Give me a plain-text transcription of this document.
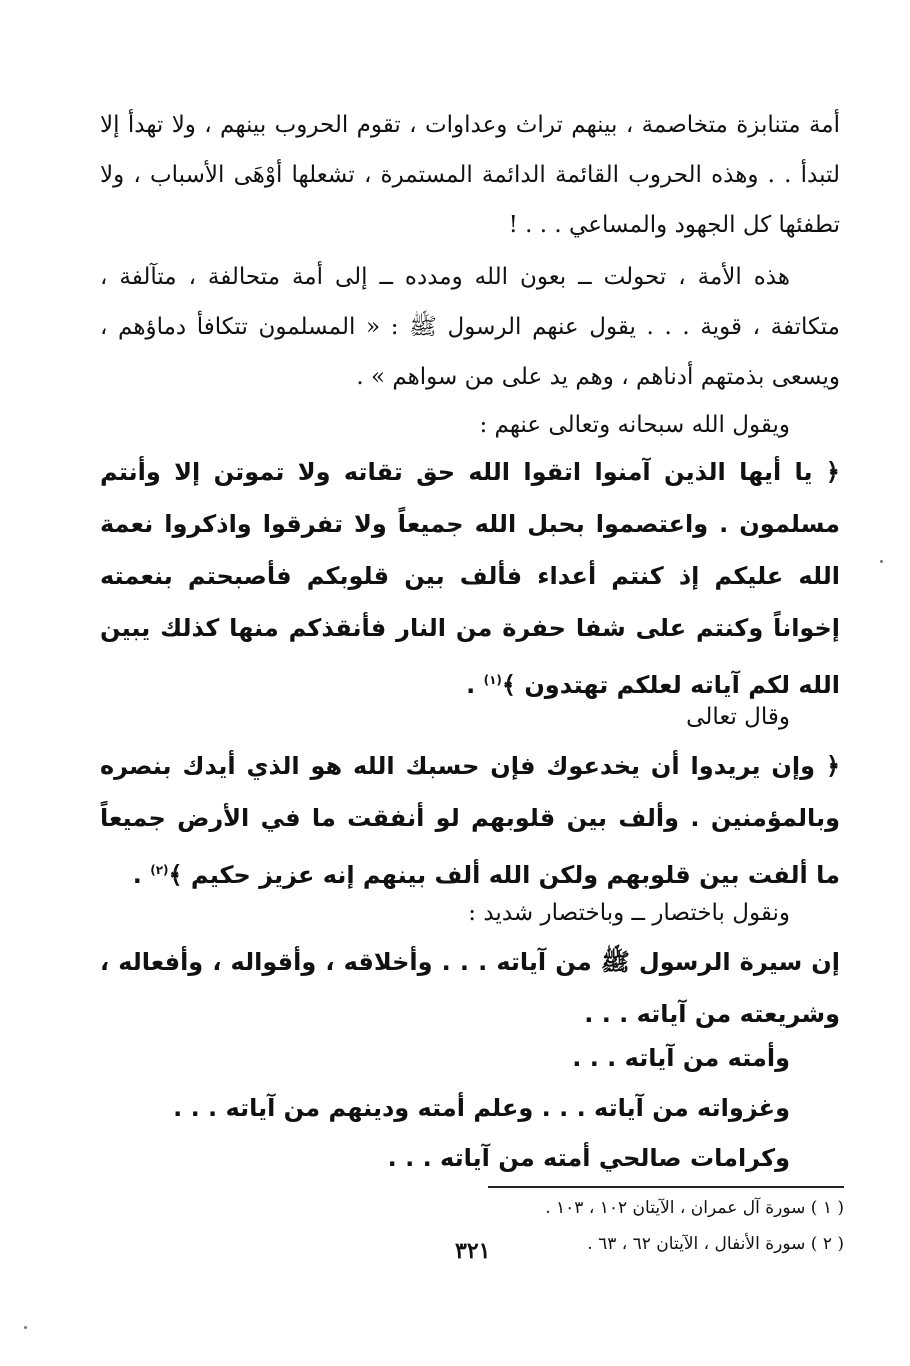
أمة متنابزة متخاصمة ، بينهم تراث وعداوات ، تقوم الحروب بينهم ، ولا تهدأ إلا لتبدأ . . وهذه الحروب القائمة الدائمة المستمرة ، تشعلها أوْهَى الأسباب ، ولا تطفئها كل الجهود والمساعي . . . !
هذه الأمة ، تحولت ــ بعون الله ومدده ــ إلى أمة متحالفة ، متآلفة ، متكاتفة ، قوية . . . يقول عنهم الرسول ﷺ : « المسلمون تتكافأ دماؤهم ، ويسعى بذمتهم أدناهم ، وهم يد على من سواهم » .
ويقول الله سبحانه وتعالى عنهم :
﴿ يا أيها الذين آمنوا اتقوا الله حق تقاته ولا تموتن إلا وأنتم مسلمون . واعتصموا بحبل الله جميعاً ولا تفرقوا واذكروا نعمة الله عليكم إذ كنتم أعداء فألف بين قلوبكم فأصبحتم بنعمته إخواناً وكنتم على شفا حفرة من النار فأنقذكم منها كذلك يبين الله لكم آياته لعلكم تهتدون ﴾$^{(١)}$ .
وقال تعالى
﴿ وإن يريدوا أن يخدعوك فإن حسبك الله هو الذي أيدك بنصره وبالمؤمنين . وألف بين قلوبهم لو أنفقت ما في الأرض جميعاً ما ألفت بين قلوبهم ولكن الله ألف بينهم إنه عزيز حكيم ﴾$^{(٢)}$ .
ونقول باختصار ــ وباختصار شديد :
إن سيرة الرسول ﷺ من آياته . . . وأخلاقه ، وأقواله ، وأفعاله ، وشريعته من آياته . . .
وأمته من آياته . . .
وغزواته من آياته . . . وعلم أمته ودينهم من آياته . . .
وكرامات صالحي أمته من آياته . . .
( ١ ) سورة آل عمران ، الآيتان ١٠٢ ، ١٠٣ .
( ٢ ) سورة الأنفال ، الآيتان ٦٢ ، ٦٣ .
٣٢١
